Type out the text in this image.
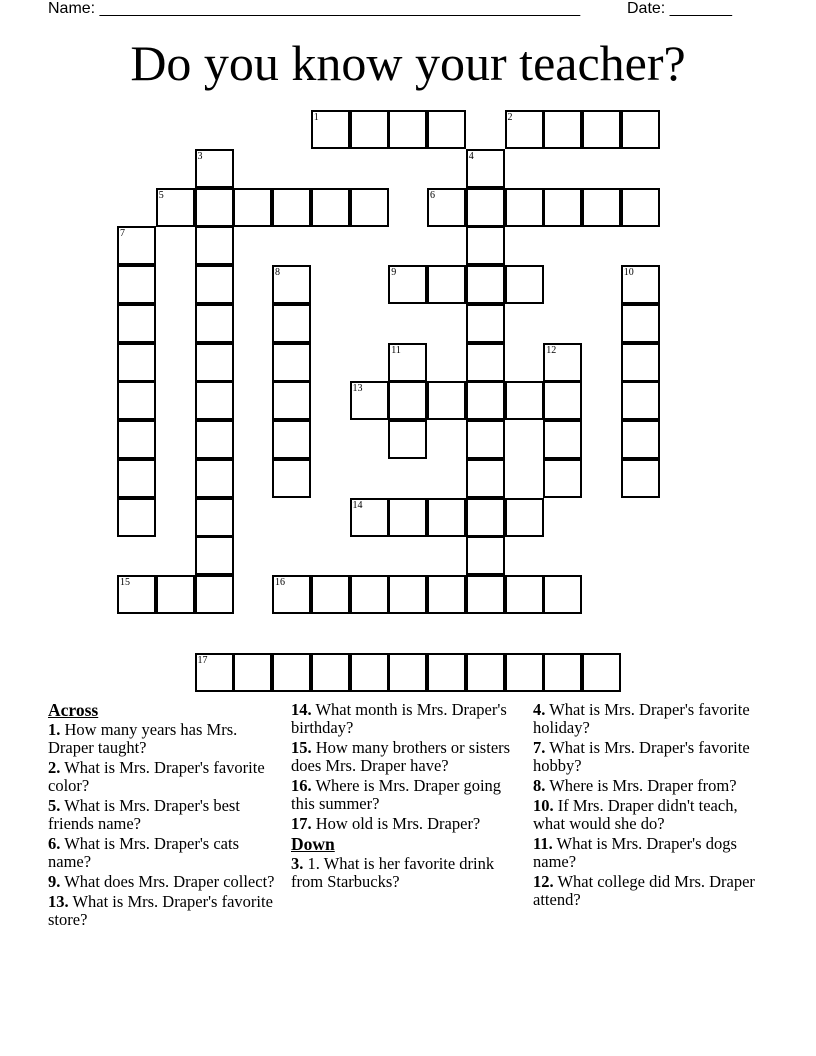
Name: ______________________________________________________	Date: _______
Do you know your teacher?
1	2
3	4
5	6
7
8	9	10
11	12
13
14
15	16
17
Across
1. How many years has Mrs. Draper taught?
2. What is Mrs. Draper's favorite color?
5. What is Mrs. Draper's best friends name?
6. What is Mrs. Draper's cats name?
9. What does Mrs. Draper collect?
13. What is Mrs. Draper's favorite store?
14. What month is Mrs. Draper's birthday?
15. How many brothers or sisters does Mrs. Draper have?
16. Where is Mrs. Draper going this summer?
17. How old is Mrs. Draper?
Down
3. 1. What is her favorite drink from Starbucks?
4. What is Mrs. Draper's favorite holiday?
7. What is Mrs. Draper's favorite hobby?
8. Where is Mrs. Draper from?
10. If Mrs. Draper didn't teach, what would she do?
11. What is Mrs. Draper's dogs name?
12. What college did Mrs. Draper attend?
